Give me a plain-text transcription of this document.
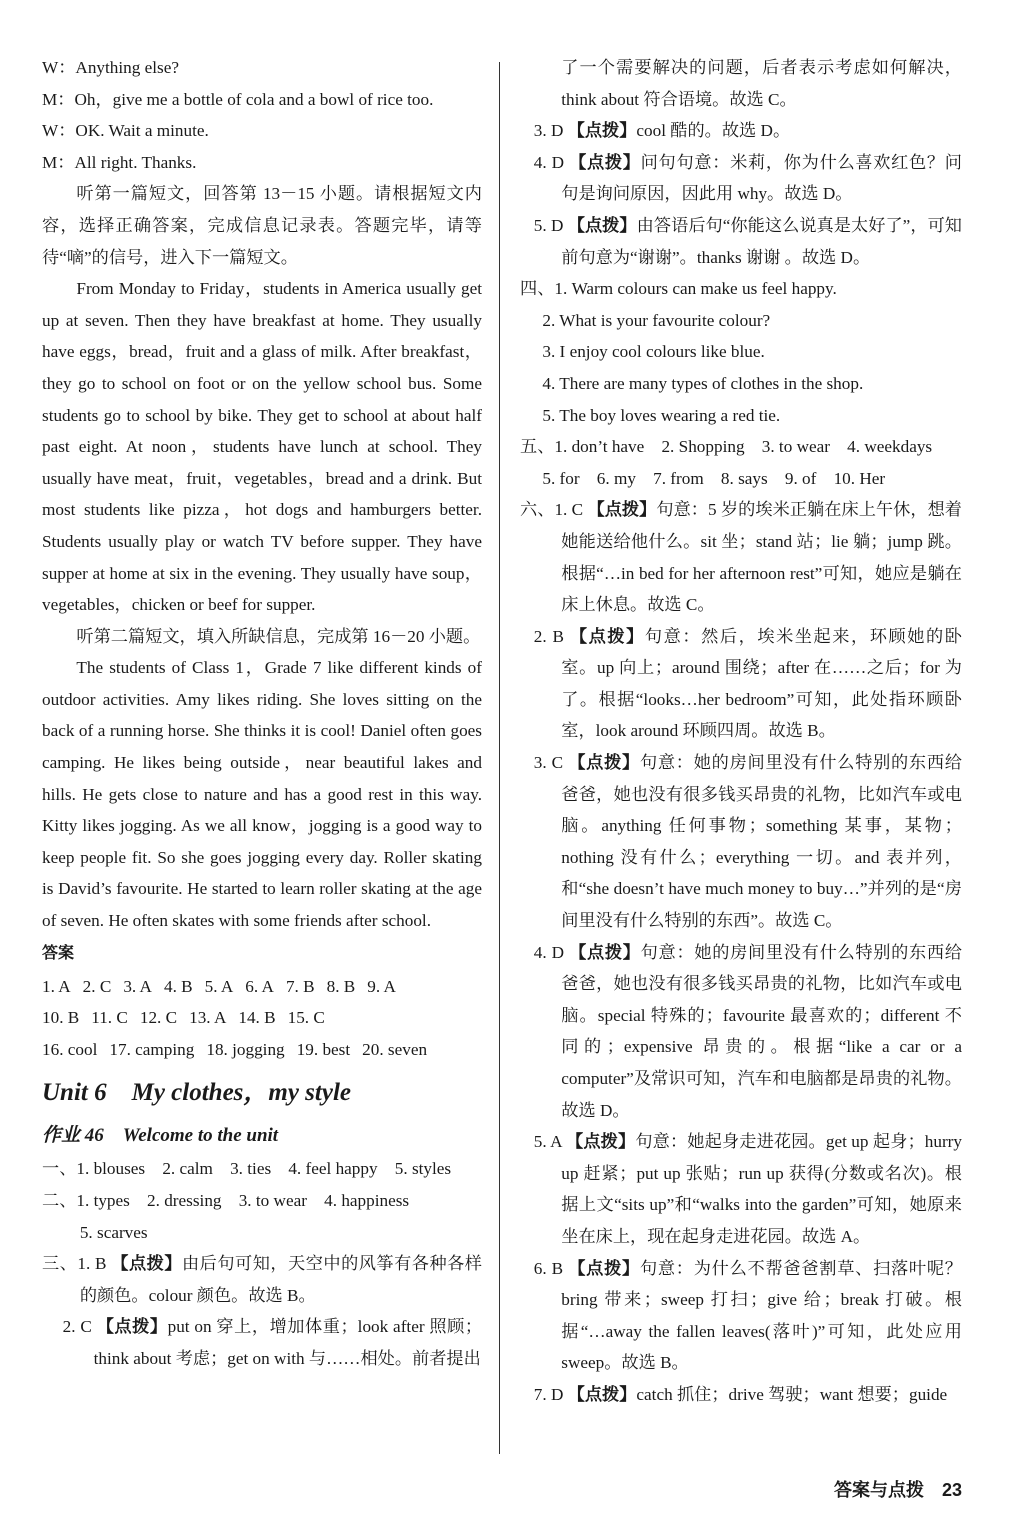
W：Anything else?

M：Oh，give me a bottle of cola and a bowl of rice too.

W：OK. Wait a minute.

M：All right. Thanks.

听第一篇短文，回答第 13－15 小题。请根据短文内容，选择正确答案，完成信息记录表。答题完毕，请等待“嘀”的信号，进入下一篇短文。

From Monday to Friday，students in America usually get up at seven. Then they have breakfast at home. They usually have eggs，bread，fruit and a glass of milk. After breakfast，they go to school on foot or on the yellow school bus. Some students go to school by bike. They get to school at about half past eight. At noon，students have lunch at school. They usually have meat，fruit，vegetables，bread and a drink. But most students like pizza，hot dogs and hamburgers better. Students usually play or watch TV before supper. They have supper at home at six in the evening. They usually have soup，vegetables，chicken or beef for supper.

听第二篇短文，填入所缺信息，完成第 16－20 小题。

The students of Class 1，Grade 7 like different kinds of outdoor activities. Amy likes riding. She loves sitting on the back of a running horse. She thinks it is cool! Daniel often goes camping. He likes being outside，near beautiful lakes and hills. He gets close to nature and has a good rest in this way. Kitty likes jogging. As we all know，jogging is a good way to keep people fit. So she goes jogging every day. Roller skating is David’s favourite. He started to learn roller skating at the age of seven. He often skates with some friends after school.

答案

1. A 2. C 3. A 4. B 5. A 6. A 7. B 8. B 9. A
10. B 11. C 12. C 13. A 14. B 15. C
16. cool 17. camping 18. jogging 19. best 20. seven
Unit 6　My clothes，my style
作业 46　Welcome to the unit

一、1. blouses　2. calm　3. ties　4. feel happy　5. styles

二、1. types　2. dressing　3. to wear　4. happiness

5. scarves

三、1. B 【点拨】由后句可知，天空中的风筝有各种各样的颜色。colour 颜色。故选 B。

2. C 【点拨】put on 穿上，增加体重；look after 照顾；think about 考虑；get on with 与……相处。前者提出

了一个需要解决的问题，后者表示考虑如何解决，think about 符合语境。故选 C。

3. D 【点拨】cool 酷的。故选 D。

4. D 【点拨】问句句意：米莉，你为什么喜欢红色？问句是询问原因，因此用 why。故选 D。

5. D 【点拨】由答语后句“你能这么说真是太好了”，可知前句意为“谢谢”。thanks 谢谢 。故选 D。

四、1. Warm colours can make us feel happy.

2. What is your favourite colour?

3. I enjoy cool colours like blue.

4. There are many types of clothes in the shop.

5. The boy loves wearing a red tie.

五、1. don’t have　2. Shopping　3. to wear　4. weekdays

5. for　6. my　7. from　8. says　9. of　10. Her

六、1. C 【点拨】句意：5 岁的埃米正躺在床上午休，想着她能送给他什么。sit 坐；stand 站；lie 躺；jump 跳。根据“…in bed for her afternoon rest”可知，她应是躺在床上休息。故选 C。

2. B 【点拨】句意：然后，埃米坐起来，环顾她的卧室。up 向上；around 围绕；after 在……之后；for 为了。根据“looks…her bedroom”可知，此处指环顾卧室，look around 环顾四周。故选 B。

3. C 【点拨】句意：她的房间里没有什么特别的东西给爸爸，她也没有很多钱买昂贵的礼物，比如汽车或电脑。anything 任何事物；something 某事，某物；nothing 没有什么；everything 一切。and 表并列，和“she doesn’t have much money to buy…”并列的是“房间里没有什么特别的东西”。故选 C。

4. D 【点拨】句意：她的房间里没有什么特别的东西给爸爸，她也没有很多钱买昂贵的礼物，比如汽车或电脑。special 特殊的；favourite 最喜欢的；different 不同的；expensive 昂贵的。根据“like a car or a computer”及常识可知，汽车和电脑都是昂贵的礼物。故选 D。

5. A 【点拨】句意：她起身走进花园。get up 起身；hurry up 赶紧；put up 张贴；run up 获得(分数或名次)。根据上文“sits up”和“walks into the garden”可知，她原来坐在床上，现在起身走进花园。故选 A。

6. B 【点拨】句意：为什么不帮爸爸割草、扫落叶呢？bring 带来；sweep 打扫；give 给；break 打破。根据“…away the fallen leaves(落叶)”可知，此处应用 sweep。故选 B。

7. D 【点拨】catch 抓住；drive 驾驶；want 想要；guide

答案与点拨　23
